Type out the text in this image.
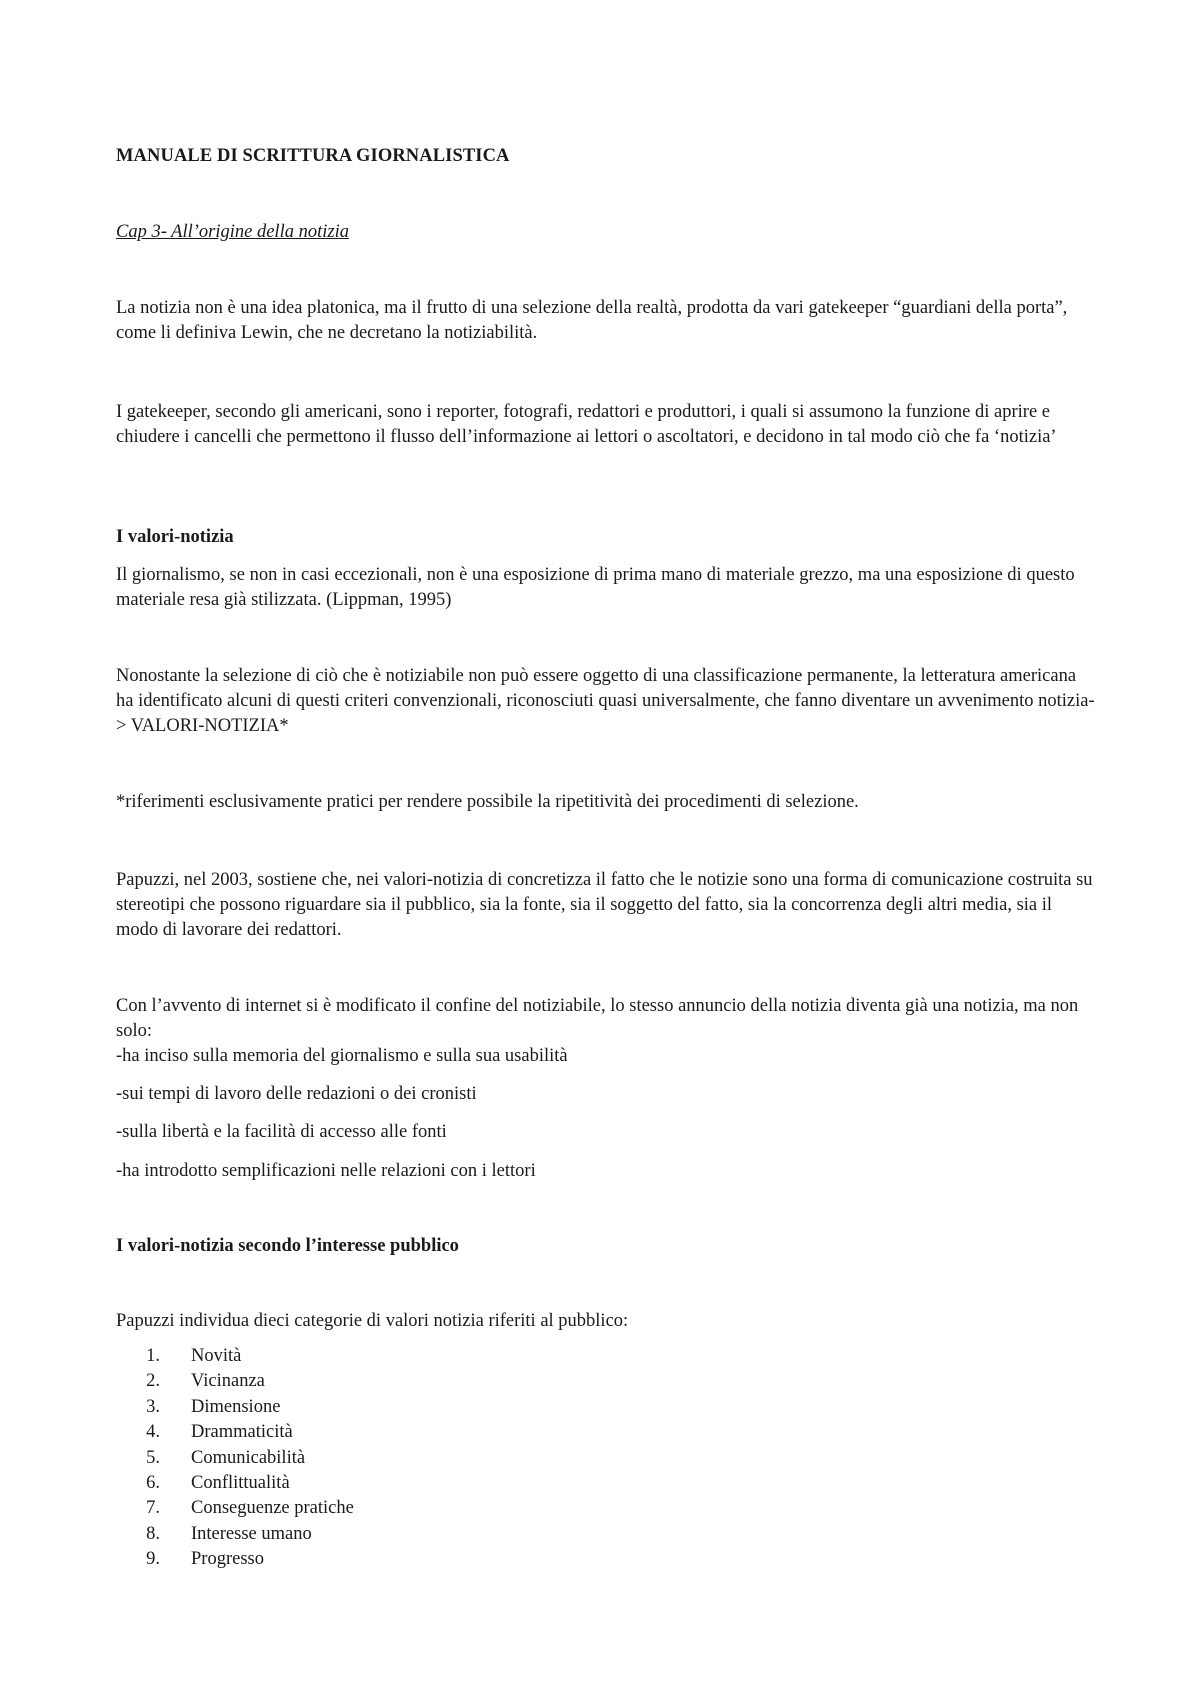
MANUALE DI SCRITTURA GIORNALISTICA

Cap 3- All’origine della notizia

La notizia non è una idea platonica, ma il frutto di una selezione della realtà, prodotta da vari gatekeeper “guardiani della porta”, come li definiva Lewin, che ne decretano la notiziabilità.

I gatekeeper, secondo gli americani, sono i reporter, fotografi, redattori e produttori, i quali si assumono la funzione di aprire e chiudere i cancelli che permettono il flusso dell’informazione ai lettori o ascoltatori, e decidono in tal modo ciò che fa ‘notizia’

I valori-notizia

Il giornalismo, se non in casi eccezionali, non è una esposizione di prima mano di materiale grezzo, ma una esposizione di questo materiale resa già stilizzata. (Lippman, 1995)

Nonostante la selezione di ciò che è notiziabile non può essere oggetto di una classificazione permanente, la letteratura americana ha identificato alcuni di questi criteri convenzionali, riconosciuti quasi universalmente, che fanno diventare un avvenimento notizia-> VALORI-NOTIZIA*

*riferimenti esclusivamente pratici per rendere possibile la ripetitività dei procedimenti di selezione.

Papuzzi, nel 2003, sostiene che, nei valori-notizia di concretizza il fatto che le notizie sono una forma di comunicazione costruita su stereotipi che possono riguardare sia il pubblico, sia la fonte, sia il soggetto del fatto, sia la concorrenza degli altri media, sia il modo di lavorare dei redattori.

Con l’avvento di internet si è modificato il confine del notiziabile, lo stesso annuncio della notizia diventa già una notizia, ma non solo:

-ha inciso sulla memoria del giornalismo e sulla sua usabilità

-sui tempi di lavoro delle redazioni o dei cronisti

-sulla libertà e la facilità di accesso alle fonti

-ha introdotto semplificazioni nelle relazioni con i lettori

I valori-notizia secondo l’interesse pubblico

Papuzzi individua dieci categorie di valori notizia riferiti al pubblico:

1. Novità
2. Vicinanza
3. Dimensione
4. Drammaticità
5. Comunicabilità
6. Conflittualità
7. Conseguenze pratiche
8. Interesse umano
9. Progresso
